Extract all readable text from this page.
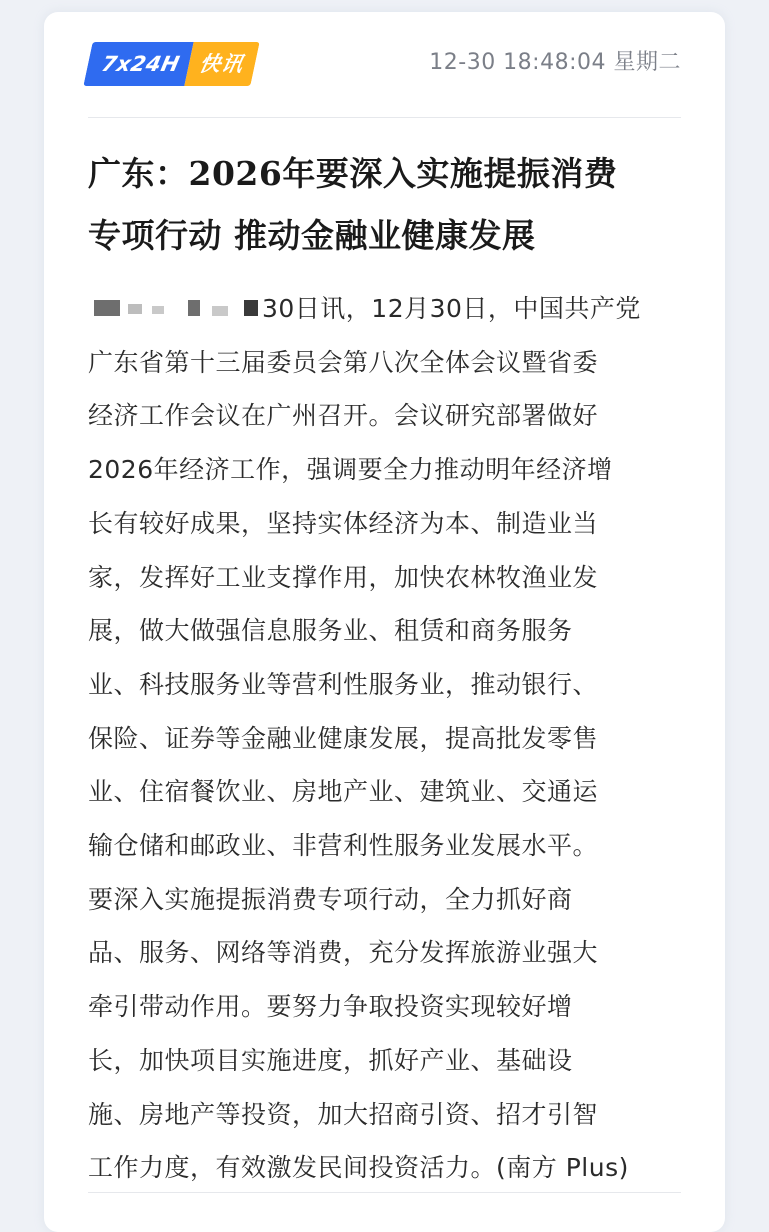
7x24H 快讯	12-30 18:48:04 星期二
广东：2026年要深入实施提振消费
专项行动 推动金融业健康发展
30日讯，12月30日，中国共产党
广东省第十三届委员会第八次全体会议暨省委
经济工作会议在广州召开。会议研究部署做好
2026年经济工作，强调要全力推动明年经济增
长有较好成果，坚持实体经济为本、制造业当
家，发挥好工业支撑作用，加快农林牧渔业发
展，做大做强信息服务业、租赁和商务服务
业、科技服务业等营利性服务业，推动银行、
保险、证券等金融业健康发展，提高批发零售
业、住宿餐饮业、房地产业、建筑业、交通运
输仓储和邮政业、非营利性服务业发展水平。
要深入实施提振消费专项行动，全力抓好商
品、服务、网络等消费，充分发挥旅游业强大
牵引带动作用。要努力争取投资实现较好增
长，加快项目实施进度，抓好产业、基础设
施、房地产等投资，加大招商引资、招才引智
工作力度，有效激发民间投资活力。(南方 Plus)
